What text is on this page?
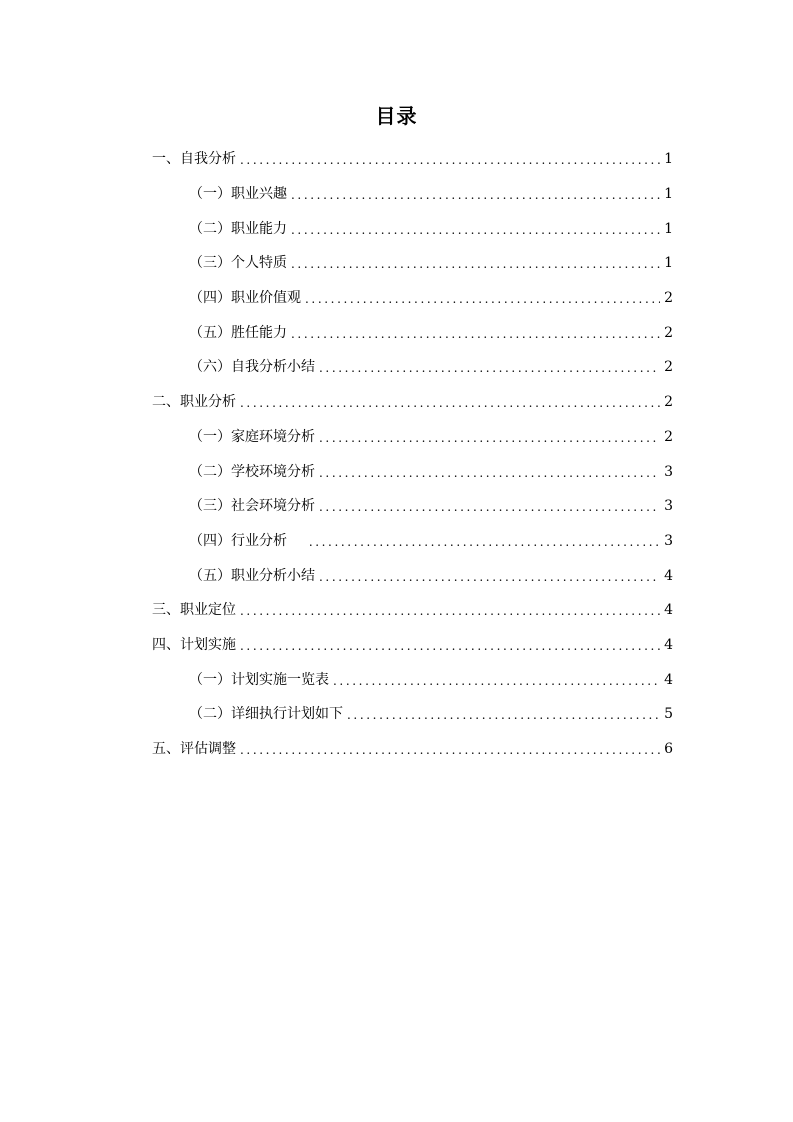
目录
一、自我分析 .....	1
（一）职业兴趣 .....	1
（二）职业能力 .....	1
（三）个人特质 .....	1
（四）职业价值观 .....	2
（五）胜任能力 .....	2
（六）自我分析小结 .....	2
二、职业分析 .....	2
（一）家庭环境分析 .....	2
（二）学校环境分析 .....	3
（三）社会环境分析 .....	3
（四）行业分析 .....	3
（五）职业分析小结 .....	4
三、职业定位 .....	4
四、计划实施 .....	4
（一）计划实施一览表 .....	4
（二）详细执行计划如下 .....	5
五、评估调整 .....	6
